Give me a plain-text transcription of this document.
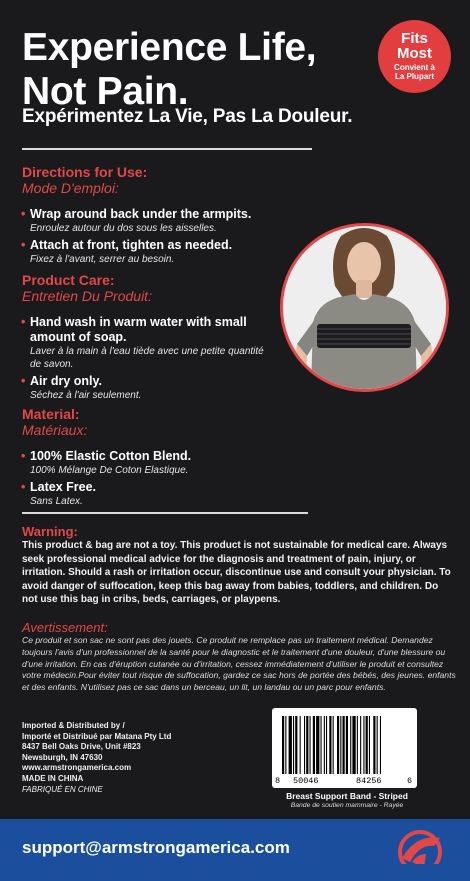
Experience Life,
Not Pain.
Expérimentez La Vie, Pas La Douleur.
Fits
Most
Convient à
La Plupart
Directions for Use:
Mode D'emploi:
• Wrap around back under the armpits.
Enroulez autour du dos sous les aisselles.
• Attach at front, tighten as needed.
Fixez à l'avant, serrer au besoin.
Product Care:
Entretien Du Produit:
• Hand wash in warm water with small amount of soap.
Laver à la main à l'eau tiède avec une petite quantité de savon.
• Air dry only.
Séchez à l'air seulement.
Material:
Matériaux:
• 100% Elastic Cotton Blend.
100% Mélange De Coton Elastique.
• Latex Free.
Sans Latex.
Warning:
This product & bag are not a toy. This product is not sustainable for medical care. Always seek professional medical advice for the diagnosis and treatment of pain, injury, or irritation. Should a rash or irritation occur, discontinue use and consult your physician. To avoid danger of suffocation, keep this bag away from babies, toddlers, and children. Do not use this bag in cribs, beds, carriages, or playpens.
Avertissement:
Ce produit et son sac ne sont pas des jouets. Ce produit ne remplace pas un traitement médical. Demandez toujours l'avis d'un professionnel de la santé pour le diagnostic et le traitement d'une douleur, d'une blessure ou d'une irritation. En cas d'éruption cutanée ou d'irritation, cessez immédiatement d'utiliser le produit et consultez votre médecin.Pour éviter tout risque de suffocation, gardez ce sac hors de portée des bébés, des jeunes. enfants et des enfants. N'utilisez pas ce sac dans un berceau, un lit, un landau ou un parc pour enfants.
Imported & Distributed by /
Importé et Distribué par Matana Pty Ltd
8437 Bell Oaks Drive, Unit #823
Newsburgh, IN 47630
www.armstrongamerica.com
MADE IN CHINA
FABRIQUÉ EN CHINE
8 50046	84256	6
Breast Support Band - Striped
Bande de soutien mammaire - Rayée
support@armstrongamerica.com
